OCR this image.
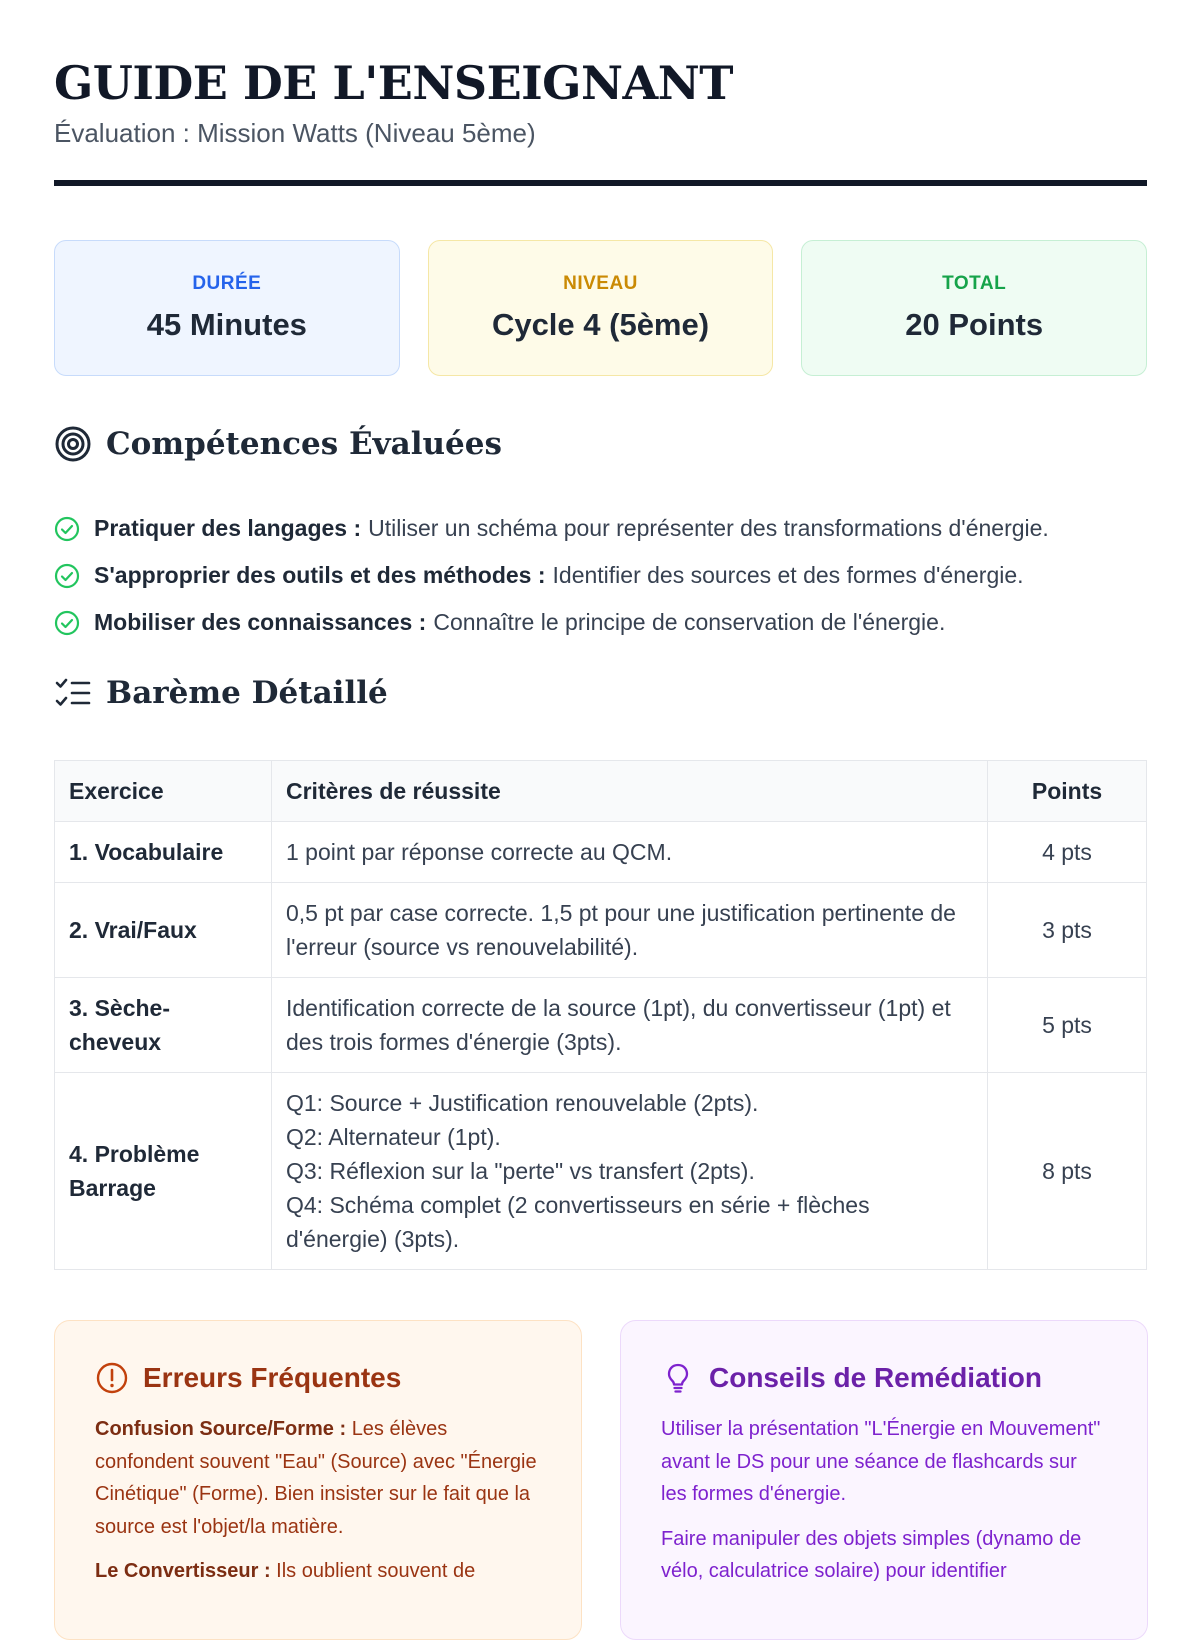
GUIDE DE L'ENSEIGNANT
Évaluation : Mission Watts (Niveau 5ème)
DURÉE
45 Minutes
NIVEAU
Cycle 4 (5ème)
TOTAL
20 Points
Compétences Évaluées
Pratiquer des langages : Utiliser un schéma pour représenter des transformations d'énergie.
S'approprier des outils et des méthodes : Identifier des sources et des formes d'énergie.
Mobiliser des connaissances : Connaître le principe de conservation de l'énergie.
Barème Détaillé
Exercice	Critères de réussite	Points
1. Vocabulaire	1 point par réponse correcte au QCM.	4 pts
2. Vrai/Faux	0,5 pt par case correcte. 1,5 pt pour une justification pertinente de l'erreur (source vs renouvelabilité).	3 pts
3. Sèche-cheveux	Identification correcte de la source (1pt), du convertisseur (1pt) et des trois formes d'énergie (3pts).	5 pts
4. Problème Barrage	Q1: Source + Justification renouvelable (2pts).
Q2: Alternateur (1pt).
Q3: Réflexion sur la "perte" vs transfert (2pts).
Q4: Schéma complet (2 convertisseurs en série + flèches d'énergie) (3pts).	8 pts
Erreurs Fréquentes

Confusion Source/Forme : Les élèves confondent souvent "Eau" (Source) avec "Énergie Cinétique" (Forme). Bien insister sur le fait que la source est l'objet/la matière.

Le Convertisseur : Ils oublient souvent de

Conseils de Remédiation

Utiliser la présentation "L'Énergie en Mouvement" avant le DS pour une séance de flashcards sur les formes d'énergie.

Faire manipuler des objets simples (dynamo de vélo, calculatrice solaire) pour identifier
